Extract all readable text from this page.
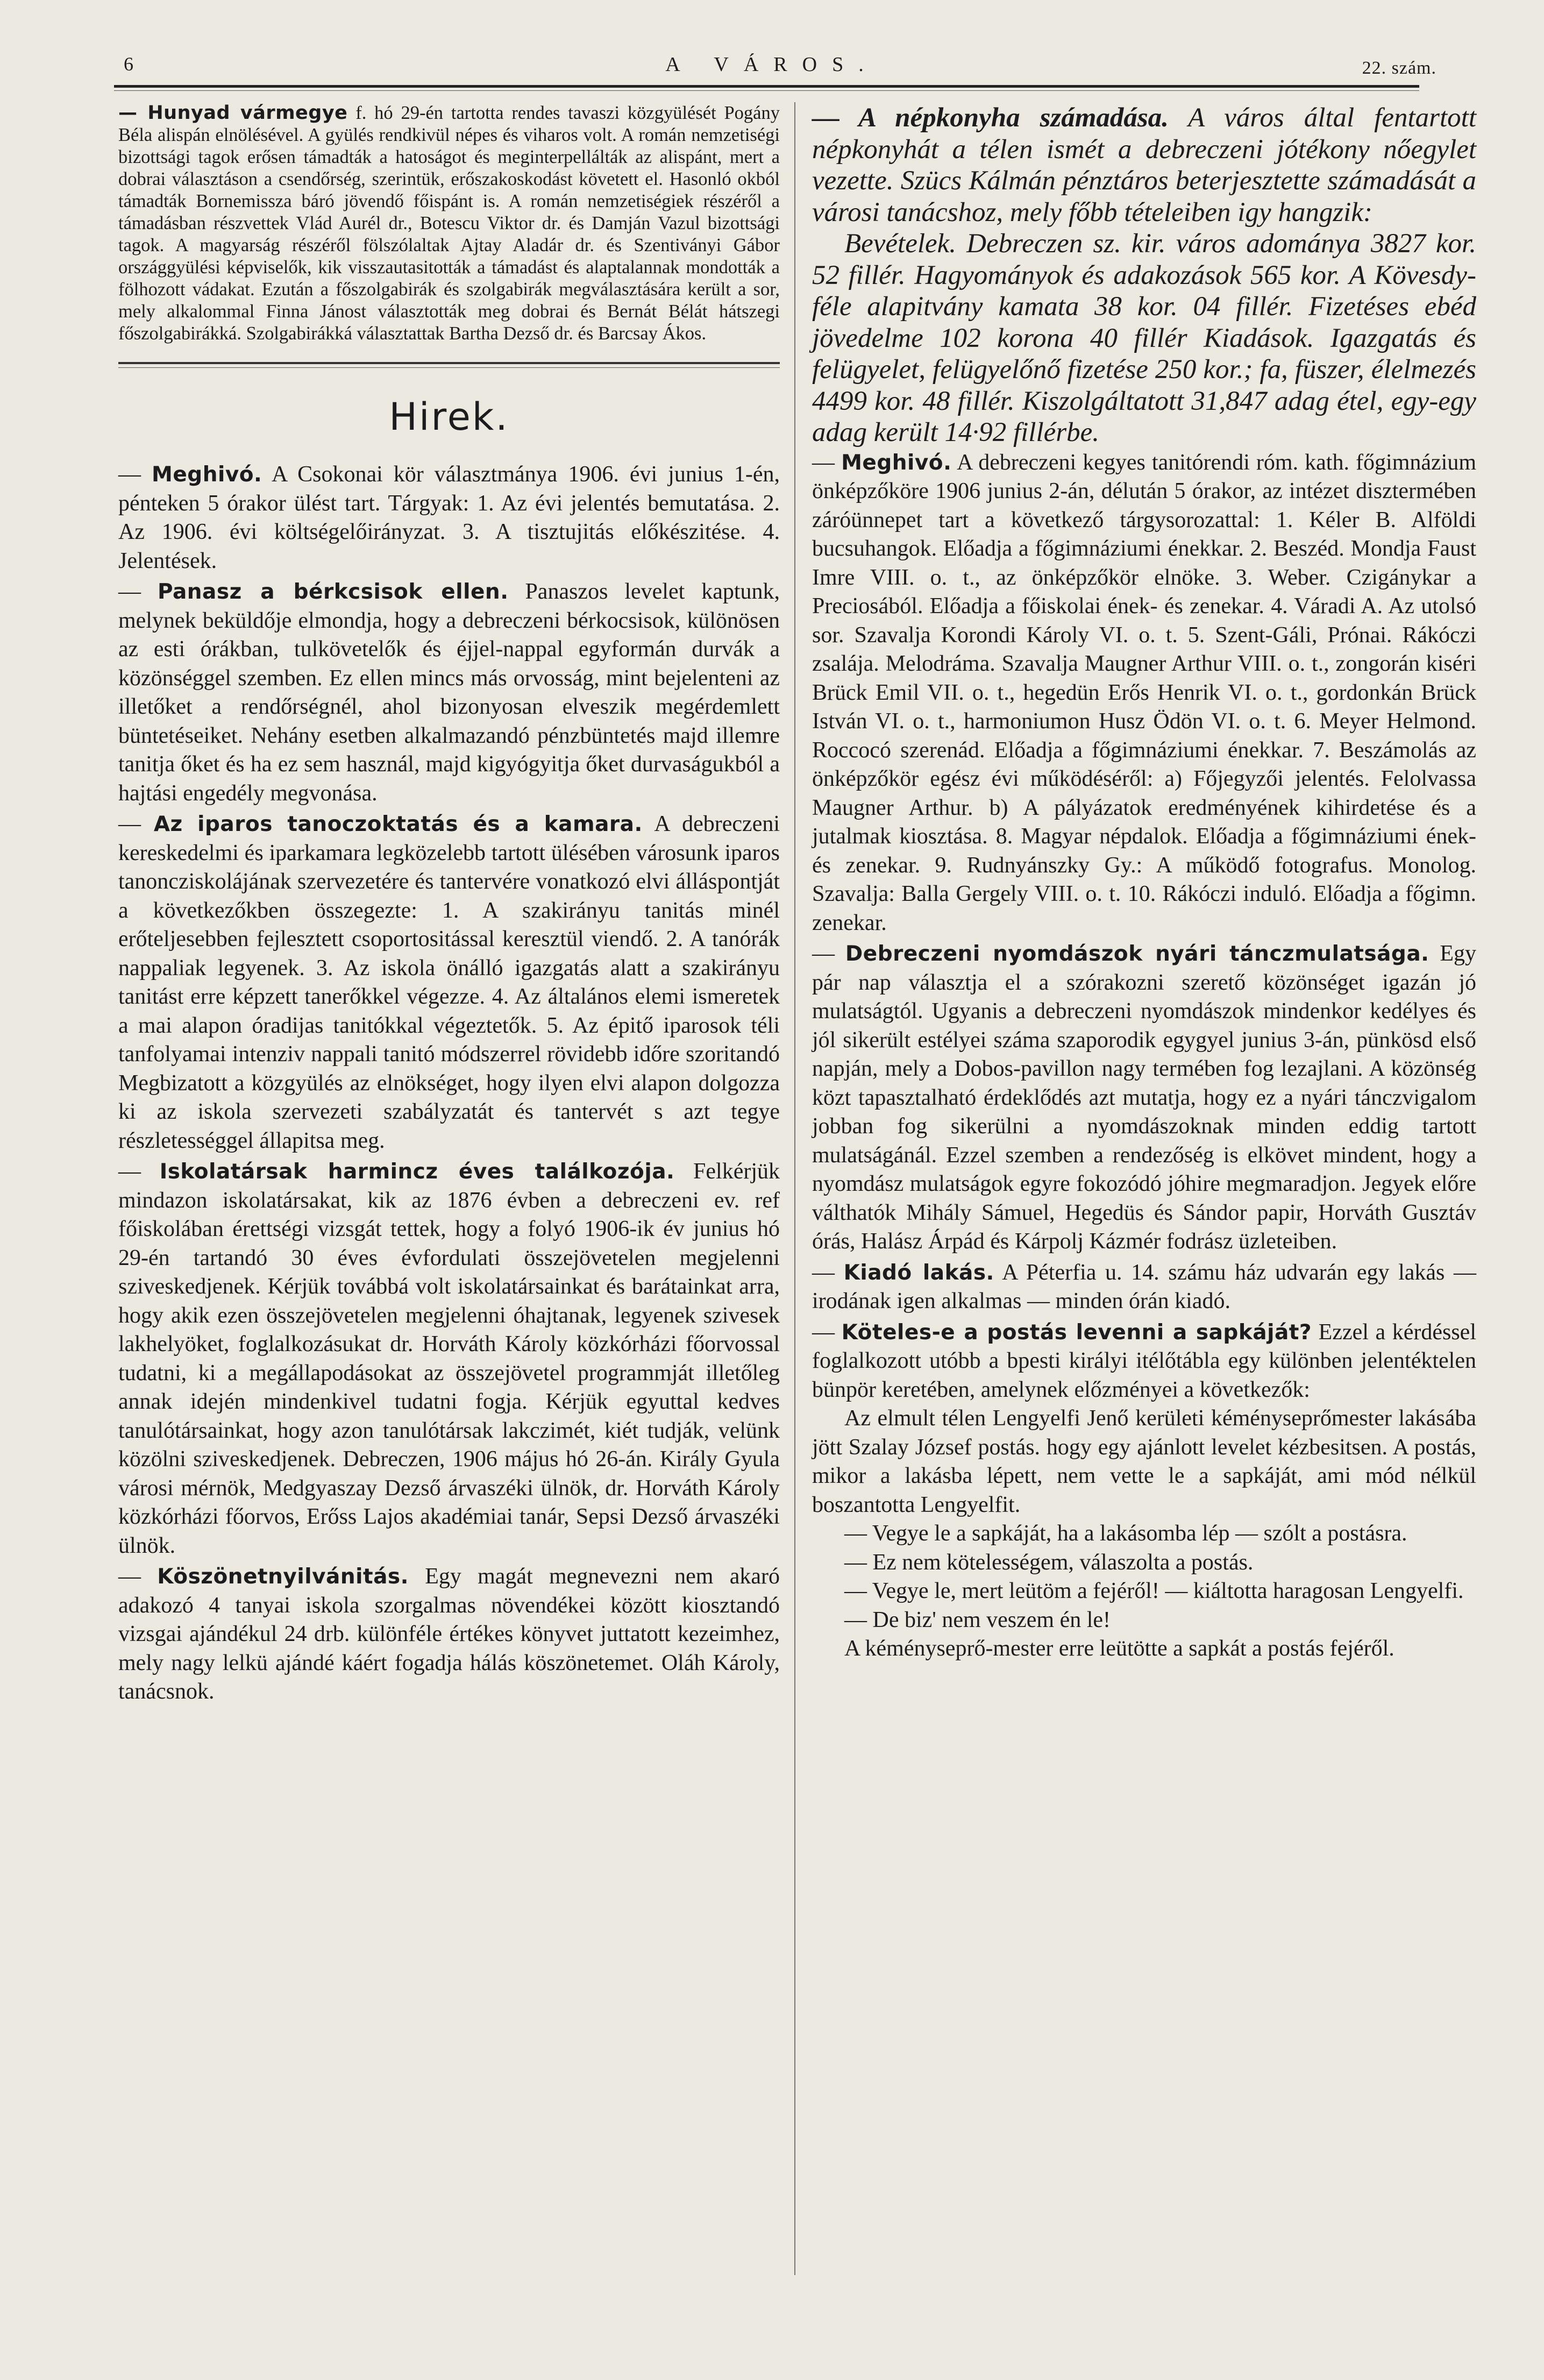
6	A VÁROS.	22. szám.

— Hunyad vármegye f. hó 29-én tartotta rendes tavaszi közgyülését Pogány Béla alispán elnölésével. A gyülés rendkivül népes és viharos volt. A román nemzetiségi bizottsági tagok erősen támadták a hatoságot és meginterpellálták az alispánt, mert a dobrai választáson a csendőrség, szerintük, erőszakoskodást követett el. Hasonló okból támadták Bornemissza báró jövendő főispánt is. A román nemzetiségiek részéről a támadásban részvettek Vlád Aurél dr., Botescu Viktor dr. és Damján Vazul bizottsági tagok. A magyarság részéről fölszólaltak Ajtay Aladár dr. és Szentiványi Gábor országgyülési képviselők, kik visszautasitották a támadást és alaptalannak mondották a fölhozott vádakat. Ezután a főszolgabirák és szolgabirák megválasztására került a sor, mely alkalommal Finna Jánost választották meg dobrai és Bernát Bélát hátszegi főszolgabirákká. Szolgabirákká választattak Bartha Dezső dr. és Barcsay Ákos.

Hirek.

— Meghivó. A Csokonai kör választmánya 1906. évi junius 1-én, pénteken 5 órakor ülést tart. Tárgyak: 1. Az évi jelentés bemutatása. 2. Az 1906. évi költségelőirányzat. 3. A tisztujitás előkészitése. 4. Jelentések.

— Panasz a bérkcsisok ellen. Panaszos levelet kaptunk, melynek beküldője elmondja, hogy a debreczeni bérkocsisok, különösen az esti órákban, tulkövetelők és éjjel-nappal egyformán durvák a közönséggel szemben. Ez ellen mincs más orvosság, mint bejelenteni az illetőket a rendőrségnél, ahol bizonyosan elveszik megérdemlett büntetéseiket. Nehány esetben alkalmazandó pénzbüntetés majd illemre tanitja őket és ha ez sem használ, majd kigyógyitja őket durvaságukból a hajtási engedély megvonása.

— Az iparos tanoczoktatás és a kamara. A debreczeni kereskedelmi és iparkamara legközelebb tartott ülésében városunk iparos tanoncziskolájának szervezetére és tantervére vonatkozó elvi álláspontját a következőkben összegezte: 1. A szakirányu tanitás minél erőteljesebben fejlesztett csoportositással keresztül viendő. 2. A tanórák nappaliak legyenek. 3. Az iskola önálló igazgatás alatt a szakirányu tanitást erre képzett tanerőkkel végezze. 4. Az általános elemi ismeretek a mai alapon óradijas tanitókkal végeztetők. 5. Az épitő iparosok téli tanfolyamai intenziv nappali tanitó módszerrel rövidebb időre szoritandó Megbizatott a közgyülés az elnökséget, hogy ilyen elvi alapon dolgozza ki az iskola szervezeti szabályzatát és tantervét s azt tegye részletességgel állapitsa meg.

— Iskolatársak harmincz éves találkozója. Felkérjük mindazon iskolatársakat, kik az 1876 évben a debreczeni ev. ref főiskolában érettségi vizsgát tettek, hogy a folyó 1906-ik év junius hó 29-én tartandó 30 éves évfordulati összejövetelen megjelenni sziveskedjenek. Kérjük továbbá volt iskolatársainkat és barátainkat arra, hogy akik ezen összejövetelen megjelenni óhajtanak, legyenek szivesek lakhelyöket, foglalkozásukat dr. Horváth Károly közkórházi főorvossal tudatni, ki a megállapodásokat az összejövetel programmját illetőleg annak idején mindenkivel tudatni fogja. Kérjük egyuttal kedves tanulótársainkat, hogy azon tanulótársak lakczimét, kiét tudják, velünk közölni sziveskedjenek. Debreczen, 1906 május hó 26-án. Király Gyula városi mérnök, Medgyaszay Dezső árvaszéki ülnök, dr. Horváth Károly közkórházi főorvos, Erőss Lajos akadémiai tanár, Sepsi Dezső árvaszéki ülnök.

— Köszönetnyilvánitás. Egy magát megnevezni nem akaró adakozó 4 tanyai iskola szorgalmas növendékei között kiosztandó vizsgai ajándékul 24 drb. különféle értékes könyvet juttatott kezeimhez, mely nagy lelkü ajándé káért fogadja hálás köszönetemet. Oláh Károly, tanácsnok.

— A népkonyha számadása. A város által fentartott népkonyhát a télen ismét a debreczeni jótékony nőegylet vezette. Szücs Kálmán pénztáros beterjesztette számadását a városi tanácshoz, mely főbb tételeiben igy hangzik:

Bevételek. Debreczen sz. kir. város adománya 3827 kor. 52 fillér. Hagyományok és adakozások 565 kor. A Kövesdy-féle alapitvány kamata 38 kor. 04 fillér. Fizetéses ebéd jövedelme 102 korona 40 fillér Kiadások. Igazgatás és felügyelet, felügyelőnő fizetése 250 kor.; fa, füszer, élelmezés 4499 kor. 48 fillér. Kiszolgáltatott 31,847 adag étel, egy-egy adag került 14·92 fillérbe.

— Meghivó. A debreczeni kegyes tanitórendi róm. kath. főgimnázium önképzőköre 1906 junius 2-án, délután 5 órakor, az intézet disztermében záróünnepet tart a következő tárgysorozattal: 1. Kéler B. Alföldi bucsuhangok. Előadja a főgimnáziumi énekkar. 2. Beszéd. Mondja Faust Imre VIII. o. t., az önképzőkör elnöke. 3. Weber. Czigánykar a Preciosából. Előadja a főiskolai ének- és zenekar. 4. Váradi A. Az utolsó sor. Szavalja Korondi Károly VI. o. t. 5. Szent-Gáli, Prónai. Rákóczi zsalája. Melodráma. Szavalja Maugner Arthur VIII. o. t., zongorán kiséri Brück Emil VII. o. t., hegedün Erős Henrik VI. o. t., gordonkán Brück István VI. o. t., harmoniumon Husz Ödön VI. o. t. 6. Meyer Helmond. Roccocó szerenád. Előadja a főgimnáziumi énekkar. 7. Beszámolás az önképzőkör egész évi működéséről: a) Főjegyzői jelentés. Felolvassa Maugner Arthur. b) A pályázatok eredményének kihirdetése és a jutalmak kiosztása. 8. Magyar népdalok. Előadja a főgimnáziumi ének- és zenekar. 9. Rudnyánszky Gy.: A működő fotografus. Monolog. Szavalja: Balla Gergely VIII. o. t. 10. Rákóczi induló. Előadja a főgimn. zenekar.

— Debreczeni nyomdászok nyári tánczmulatsága. Egy pár nap választja el a szórakozni szerető közönséget igazán jó mulatságtól. Ugyanis a debreczeni nyomdászok mindenkor kedélyes és jól sikerült estélyei száma szaporodik egygyel junius 3-án, pünkösd első napján, mely a Dobos-pavillon nagy termében fog lezajlani. A közönség közt tapasztalható érdeklődés azt mutatja, hogy ez a nyári tánczvigalom jobban fog sikerülni a nyomdászoknak minden eddig tartott mulatságánál. Ezzel szemben a rendezőség is elkövet mindent, hogy a nyomdász mulatságok egyre fokozódó jóhire megmaradjon. Jegyek előre válthatók Mihály Sámuel, Hegedüs és Sándor papir, Horváth Gusztáv órás, Halász Árpád és Kárpolj Kázmér fodrász üzleteiben.

— Kiadó lakás. A Péterfia u. 14. számu ház udvarán egy lakás — irodának igen alkalmas — minden órán kiadó.

— Köteles-e a postás levenni a sapkáját? Ezzel a kérdéssel foglalkozott utóbb a bpesti királyi itélőtábla egy különben jelentéktelen bünpör keretében, amelynek előzményei a következők:

Az elmult télen Lengyelfi Jenő kerületi kéményseprőmester lakásába jött Szalay József postás. hogy egy ajánlott levelet kézbesitsen. A postás, mikor a lakásba lépett, nem vette le a sapkáját, ami mód nélkül boszantotta Lengyelfit.

— Vegye le a sapkáját, ha a lakásomba lép — szólt a postásra.

— Ez nem kötelességem, válaszolta a postás.

— Vegye le, mert leütöm a fejéről! — kiáltotta haragosan Lengyelfi.

— De biz' nem veszem én le!

A kéményseprő-mester erre leütötte a sapkát a postás fejéről.
